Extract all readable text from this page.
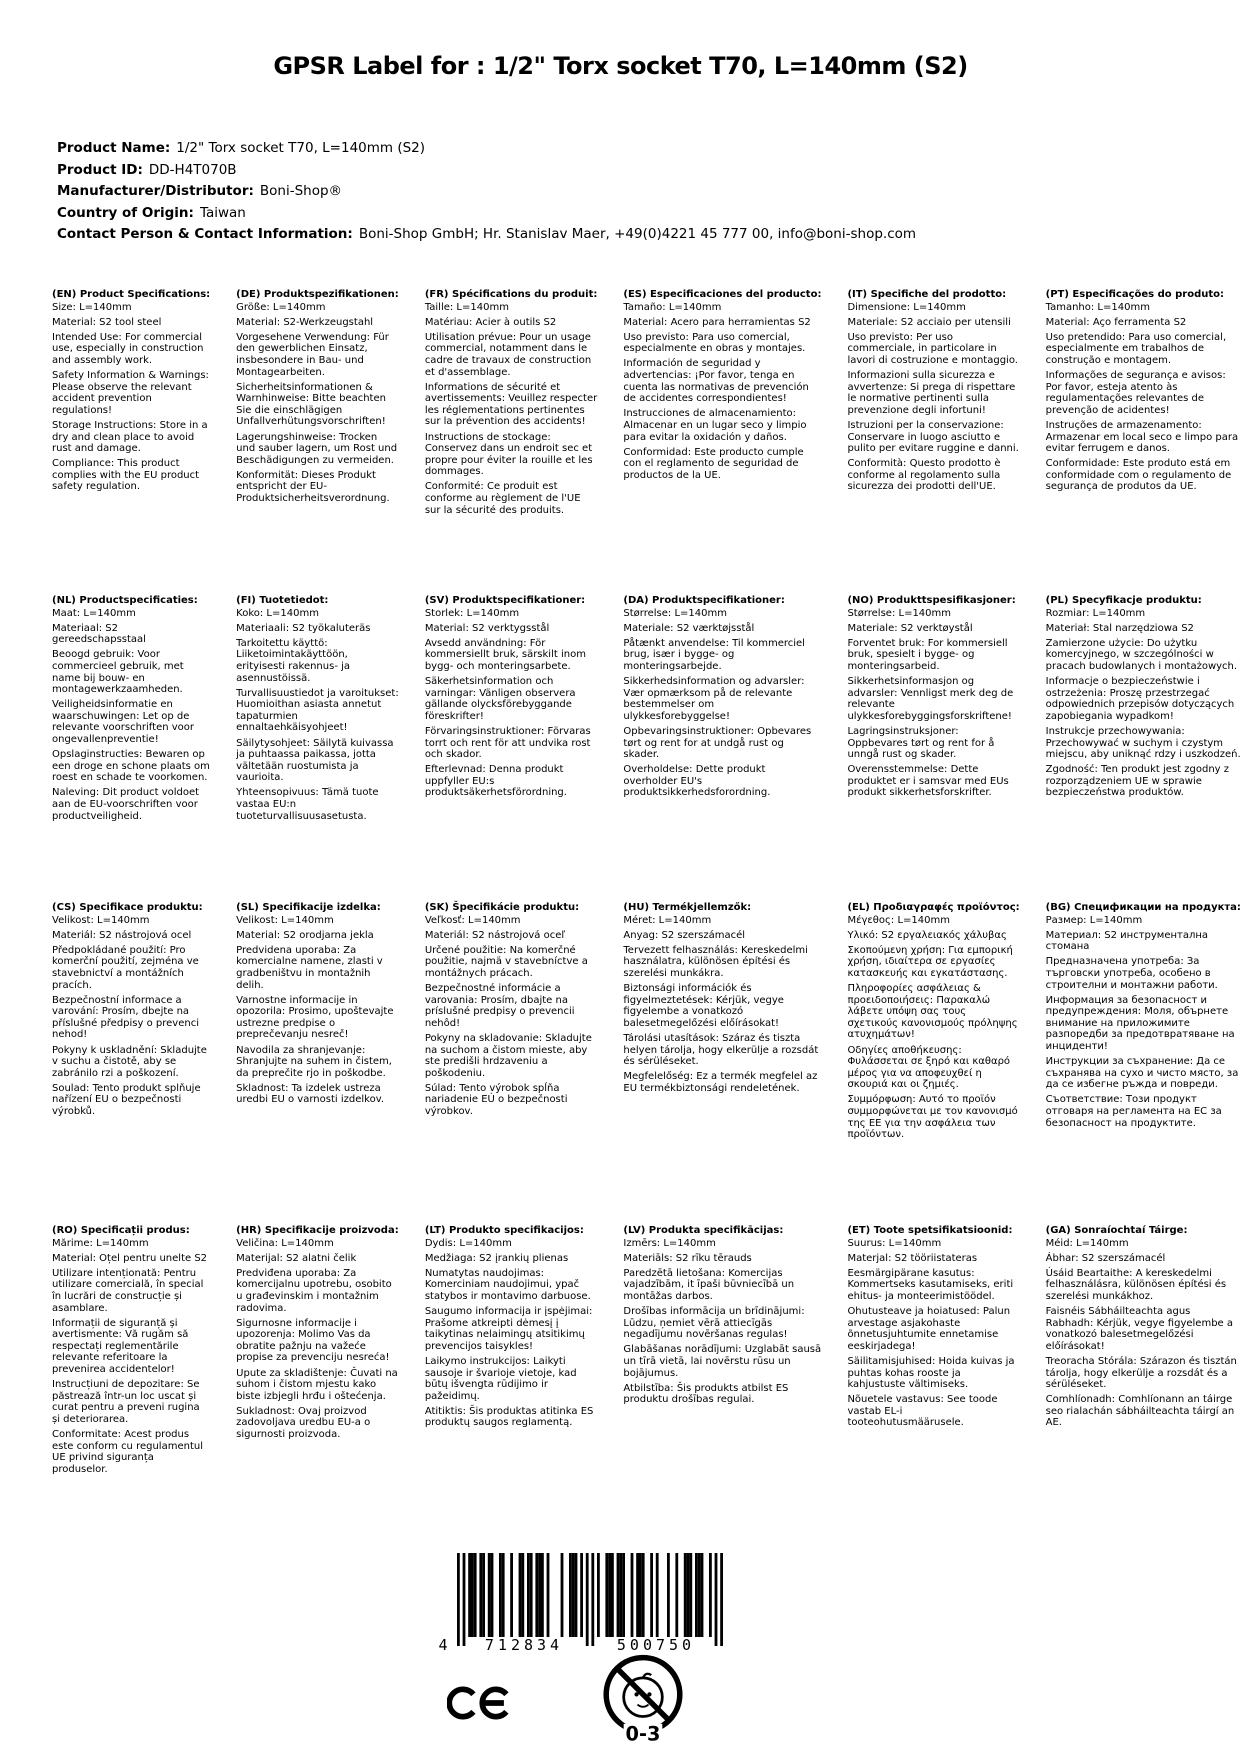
GPSR Label for : 1/2" Torx socket T70, L=140mm (S2)
Product Name: 1/2" Torx socket T70, L=140mm (S2)
Product ID: DD-H4T070B
Manufacturer/Distributor: Boni-Shop®
Country of Origin: Taiwan
Contact Person & Contact Information: Boni-Shop GmbH; Hr. Stanislav Maer, +49(0)4221 45 777 00, info@boni-shop.com
(EN) Product Specifications:

Size: L=140mm

Material: S2 tool steel

Intended Use: For commercial use, especially in construction and assembly work.

Safety Information & Warnings: Please observe the relevant accident prevention regulations!

Storage Instructions: Store in a dry and clean place to avoid rust and damage.

Compliance: This product complies with the EU product safety regulation.

(DE) Produktspezifikationen:

Größe: L=140mm

Material: S2-Werkzeugstahl

Vorgesehene Verwendung: Für den gewerblichen Einsatz, insbesondere in Bau- und Montagearbeiten.

Sicherheitsinformationen & Warnhinweise: Bitte beachten Sie die einschlägigen Unfallverhütungsvorschriften!

Lagerungshinweise: Trocken und sauber lagern, um Rost und Beschädigungen zu vermeiden.

Konformität: Dieses Produkt entspricht der EU-Produktsicherheitsverordnung.

(FR) Spécifications du produit:

Taille: L=140mm

Matériau: Acier à outils S2

Utilisation prévue: Pour un usage commercial, notamment dans le cadre de travaux de construction et d'assemblage.

Informations de sécurité et avertissements: Veuillez respecter les réglementations pertinentes sur la prévention des accidents!

Instructions de stockage: Conservez dans un endroit sec et propre pour éviter la rouille et les dommages.

Conformité: Ce produit est conforme au règlement de l'UE sur la sécurité des produits.

(ES) Especificaciones del producto:

Tamaño: L=140mm

Material: Acero para herramientas S2

Uso previsto: Para uso comercial, especialmente en obras y montajes.

Información de seguridad y advertencias: ¡Por favor, tenga en cuenta las normativas de prevención de accidentes correspondientes!

Instrucciones de almacenamiento: Almacenar en un lugar seco y limpio para evitar la oxidación y daños.

Conformidad: Este producto cumple con el reglamento de seguridad de productos de la UE.

(IT) Specifiche del prodotto:

Dimensione: L=140mm

Materiale: S2 acciaio per utensili

Uso previsto: Per uso commerciale, in particolare in lavori di costruzione e montaggio.

Informazioni sulla sicurezza e avvertenze: Si prega di rispettare le normative pertinenti sulla prevenzione degli infortuni!

Istruzioni per la conservazione: Conservare in luogo asciutto e pulito per evitare ruggine e danni.

Conformità: Questo prodotto è conforme al regolamento sulla sicurezza dei prodotti dell'UE.

(PT) Especificações do produto:

Tamanho: L=140mm

Material: Aço ferramenta S2

Uso pretendido: Para uso comercial, especialmente em trabalhos de construção e montagem.

Informações de segurança e avisos: Por favor, esteja atento às regulamentações relevantes de prevenção de acidentes!

Instruções de armazenamento: Armazenar em local seco e limpo para evitar ferrugem e danos.

Conformidade: Este produto está em conformidade com o regulamento de segurança de produtos da UE.

(NL) Productspecificaties:

Maat: L=140mm

Materiaal: S2 gereedschapsstaal

Beoogd gebruik: Voor commercieel gebruik, met name bij bouw- en montagewerkzaamheden.

Veiligheidsinformatie en waarschuwingen: Let op de relevante voorschriften voor ongevallenpreventie!

Opslaginstructies: Bewaren op een droge en schone plaats om roest en schade te voorkomen.

Naleving: Dit product voldoet aan de EU-voorschriften voor productveiligheid.

(FI) Tuotetiedot:

Koko: L=140mm

Materiaali: S2 työkaluteräs

Tarkoitettu käyttö: Liiketoimintakäyttöön, erityisesti rakennus- ja asennustöissä.

Turvallisuustiedot ja varoitukset: Huomioithan asiasta annetut tapaturmien ennaltaehkäisyohjeet!

Säilytysohjeet: Säilytä kuivassa ja puhtaassa paikassa, jotta vältetään ruostumista ja vaurioita.

Yhteensopivuus: Tämä tuote vastaa EU:n tuoteturvallisuusasetusta.

(SV) Produktspecifikationer:

Storlek: L=140mm

Material: S2 verktygsstål

Avsedd användning: För kommersiellt bruk, särskilt inom bygg- och monteringsarbete.

Säkerhetsinformation och varningar: Vänligen observera gällande olycksförebyggande föreskrifter!

Förvaringsinstruktioner: Förvaras torrt och rent för att undvika rost och skador.

Efterlevnad: Denna produkt uppfyller EU:s produktsäkerhetsförordning.

(DA) Produktspecifikationer:

Størrelse: L=140mm

Materiale: S2 værktøjsstål

Påtænkt anvendelse: Til kommerciel brug, især i bygge- og monteringsarbejde.

Sikkerhedsinformation og advarsler: Vær opmærksom på de relevante bestemmelser om ulykkesforebyggelse!

Opbevaringsinstruktioner: Opbevares tørt og rent for at undgå rust og skader.

Overholdelse: Dette produkt overholder EU's produktsikkerhedsforordning.

(NO) Produkttspesifikasjoner:

Størrelse: L=140mm

Materiale: S2 verktøystål

Forventet bruk: For kommersiell bruk, spesielt i bygge- og monteringsarbeid.

Sikkerhetsinformasjon og advarsler: Vennligst merk deg de relevante ulykkesforebyggingsforskriftene!

Lagringsinstruksjoner: Oppbevares tørt og rent for å unngå rust og skader.

Overensstemmelse: Dette produktet er i samsvar med EUs produkt sikkerhetsforskrifter.

(PL) Specyfikacje produktu:

Rozmiar: L=140mm

Materiał: Stal narzędziowa S2

Zamierzone użycie: Do użytku komercyjnego, w szczególności w pracach budowlanych i montażowych.

Informacje o bezpieczeństwie i ostrzeżenia: Proszę przestrzegać odpowiednich przepisów dotyczących zapobiegania wypadkom!

Instrukcje przechowywania: Przechowywać w suchym i czystym miejscu, aby uniknąć rdzy i uszkodzeń.

Zgodność: Ten produkt jest zgodny z rozporządzeniem UE w sprawie bezpieczeństwa produktów.

(CS) Specifikace produktu:

Velikost: L=140mm

Materiál: S2 nástrojová ocel

Předpokládané použití: Pro komerční použití, zejména ve stavebnictví a montážních pracích.

Bezpečnostní informace a varování: Prosím, dbejte na příslušné předpisy o prevenci nehod!

Pokyny k uskladnění: Skladujte v suchu a čistotě, aby se zabránilo rzi a poškození.

Soulad: Tento produkt splňuje nařízení EU o bezpečnosti výrobků.

(SL) Specifikacije izdelka:

Velikost: L=140mm

Material: S2 orodjarna jekla

Predvidena uporaba: Za komercialne namene, zlasti v gradbeništvu in montažnih delih.

Varnostne informacije in opozorila: Prosimo, upoštevajte ustrezne predpise o preprečevanju nesreč!

Navodila za shranjevanje: Shranjujte na suhem in čistem, da preprečite rjo in poškodbe.

Skladnost: Ta izdelek ustreza uredbi EU o varnosti izdelkov.

(SK) Špecifikácie produktu:

Veľkosť: L=140mm

Materiál: S2 nástrojová oceľ

Určené použitie: Na komerčné použitie, najmä v stavebníctve a montážnych prácach.

Bezpečnostné informácie a varovania: Prosím, dbajte na príslušné predpisy o prevencii nehôd!

Pokyny na skladovanie: Skladujte na suchom a čistom mieste, aby ste predišli hrdzaveniu a poškodeniu.

Súlad: Tento výrobok spĺňa nariadenie EÚ o bezpečnosti výrobkov.

(HU) Termékjellemzők:

Méret: L=140mm

Anyag: S2 szerszámacél

Tervezett felhasználás: Kereskedelmi használatra, különösen építési és szerelési munkákra.

Biztonsági információk és figyelmeztetések: Kérjük, vegye figyelembe a vonatkozó balesetmegelőzési előírásokat!

Tárolási utasítások: Száraz és tiszta helyen tárolja, hogy elkerülje a rozsdát és sérüléseket.

Megfelelőség: Ez a termék megfelel az EU termékbiztonsági rendeletének.

(EL) Προδιαγραφές προϊόντος:

Μέγεθος: L=140mm

Υλικό: S2 εργαλειακός χάλυβας

Σκοπούμενη χρήση: Για εμπορική χρήση, ιδιαίτερα σε εργασίες κατασκευής και εγκατάστασης.

Πληροφορίες ασφάλειας & προειδοποιήσεις: Παρακαλώ λάβετε υπόψη σας τους σχετικούς κανονισμούς πρόληψης ατυχημάτων!

Οδηγίες αποθήκευσης: Φυλάσσεται σε ξηρό και καθαρό μέρος για να αποφευχθεί η σκουριά και οι ζημιές.

Συμμόρφωση: Αυτό το προϊόν συμμορφώνεται με τον κανονισμό της ΕΕ για την ασφάλεια των προϊόντων.

(BG) Спецификации на продукта:

Размер: L=140mm

Материал: S2 инструментална стомана

Предназначена употреба: За търговски употреба, особено в строителни и монтажни работи.

Информация за безопасност и предупреждения: Моля, обърнете внимание на приложимите разпоредби за предотвратяване на инциденти!

Инструкции за съхранение: Да се съхранява на сухо и чисто място, за да се избегне ръжда и повреди.

Съответствие: Този продукт отговаря на регламента на ЕС за безопасност на продуктите.

(RO) Specificații produs:

Mărime: L=140mm

Material: Oțel pentru unelte S2

Utilizare intenționată: Pentru utilizare comercială, în special în lucrări de construcție și asamblare.

Informații de siguranță și avertismente: Vă rugăm să respectați reglementările relevante referitoare la prevenirea accidentelor!

Instrucțiuni de depozitare: Se păstrează într-un loc uscat și curat pentru a preveni rugina și deteriorarea.

Conformitate: Acest produs este conform cu regulamentul UE privind siguranța produselor.

(HR) Specifikacije proizvoda:

Veličina: L=140mm

Materijal: S2 alatni čelik

Predviđena uporaba: Za komercijalnu upotrebu, osobito u građevinskim i montažnim radovima.

Sigurnosne informacije i upozorenja: Molimo Vas da obratite pažnju na važeće propise za prevenciju nesreća!

Upute za skladištenje: Čuvati na suhom i čistom mjestu kako biste izbjegli hrđu i oštećenja.

Sukladnost: Ovaj proizvod zadovoljava uredbu EU-a o sigurnosti proizvoda.

(LT) Produkto specifikacijos:

Dydis: L=140mm

Medžiaga: S2 įrankių plienas

Numatytas naudojimas: Komerciniam naudojimui, ypač statybos ir montavimo darbuose.

Saugumo informacija ir įspėjimai: Prašome atkreipti dėmesį į taikytinas nelaimingų atsitikimų prevencijos taisykles!

Laikymo instrukcijos: Laikyti sausoje ir švarioje vietoje, kad būtų išvengta rūdijimo ir pažeidimų.

Atitiktis: Šis produktas atitinka ES produktų saugos reglamentą.

(LV) Produkta specifikācijas:

Izmērs: L=140mm

Materiāls: S2 rīku tērauds

Paredzētā lietošana: Komercijas vajadzībām, it īpaši būvniecībā un montāžas darbos.

Drošības informācija un brīdinājumi: Lūdzu, ņemiet vērā attiecīgās negadījumu novēršanas regulas!

Glabāšanas norādījumi: Uzglabāt sausā un tīrā vietā, lai novērstu rūsu un bojājumus.

Atbilstība: Šis produkts atbilst ES produktu drošības regulai.

(ET) Toote spetsifikatsioonid:

Suurus: L=140mm

Materjal: S2 tööriistateras

Eesmärgipärane kasutus: Kommertseks kasutamiseks, eriti ehitus- ja monteerimistöödel.

Ohutusteave ja hoiatused: Palun arvestage asjakohaste õnnetusjuhtumite ennetamise eeskirjadega!

Säilitamisjuhised: Hoida kuivas ja puhtas kohas rooste ja kahjustuste vältimiseks.

Nõuetele vastavus: See toode vastab EL-i tooteohutusmäärusele.

(GA) Sonraíochtaí Táirge:

Méid: L=140mm

Ábhar: S2 szerszámacél

Úsáid Beartaithe: A kereskedelmi felhasználásra, különösen építési és szerelési munkákhoz.

Faisnéis Sábháilteachta agus Rabhadh: Kérjük, vegye figyelembe a vonatkozó balesetmegelőzési előírásokat!

Treoracha Stórála: Szárazon és tisztán tárolja, hogy elkerülje a rozsdát és a sérüléseket.

Comhlíonadh: Comhlíonann an táirge seo rialachán sábháilteachta táirgí an AE.

4	712834	500750
0-3
